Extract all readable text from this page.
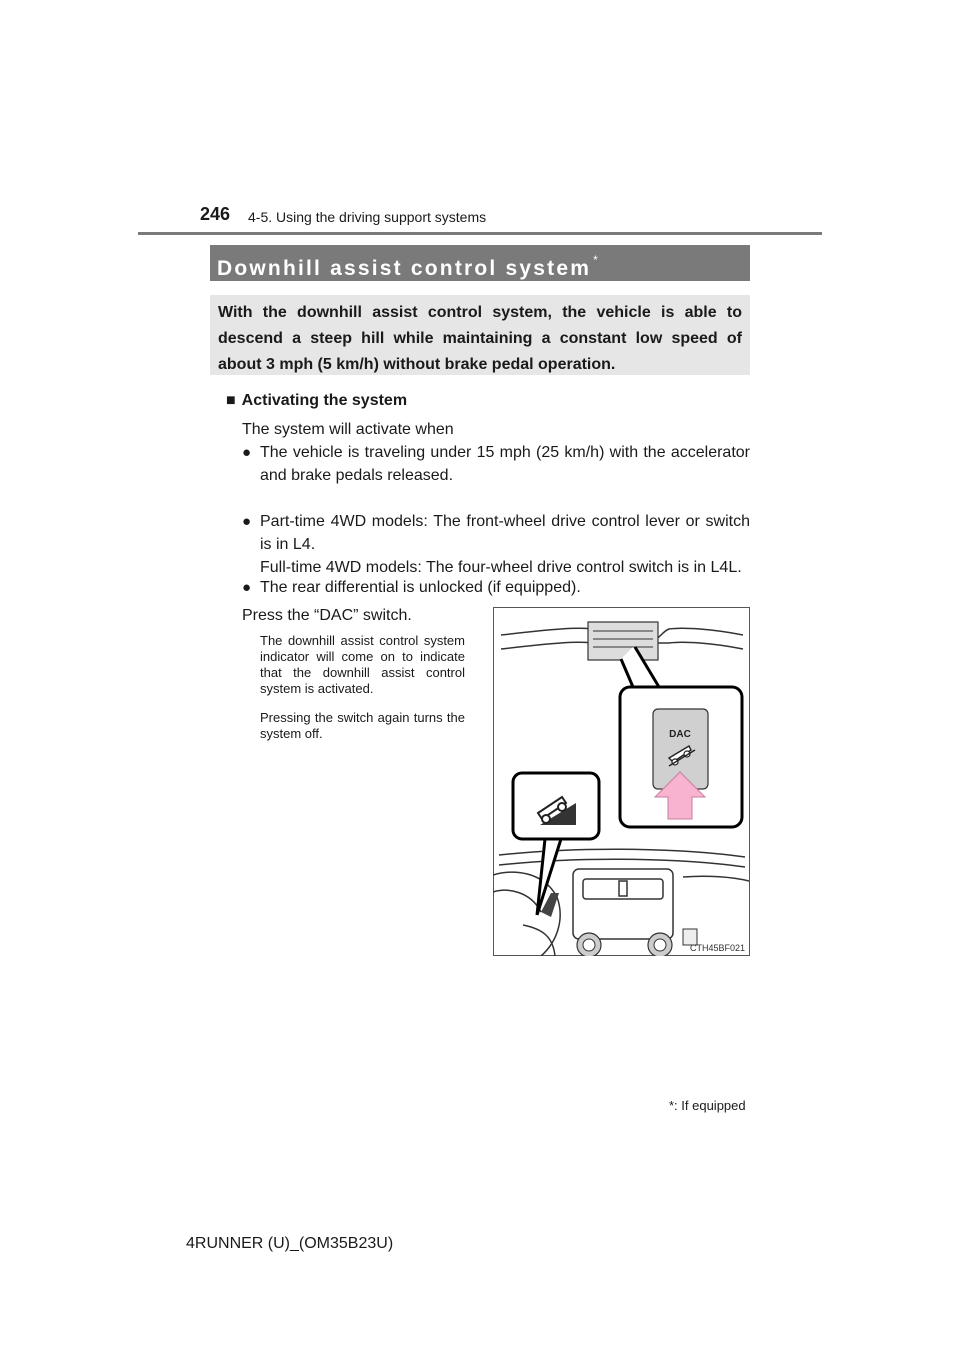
246 4-5. Using the driving support systems
Downhill assist control system *
With the downhill assist control system, the vehicle is able to descend a steep hill while maintaining a constant low speed of about 3 mph (5 km/h) without brake pedal operation.
■ Activating the system
The system will activate when
● The vehicle is traveling under 15 mph (25 km/h) with the accelerator and brake pedals released.
● Part-time 4WD models: The front-wheel drive control lever or switch is in L4.
Full-time 4WD models: The four-wheel drive control switch is in L4L.
● The rear differential is unlocked (if equipped).
Press the “DAC” switch.
The downhill assist control system indicator will come on to indicate that the downhill assist control system is activated.
Pressing the switch again turns the system off.	DAC
CTH45BF021
*: If equipped
4RUNNER (U)_(OM35B23U)
